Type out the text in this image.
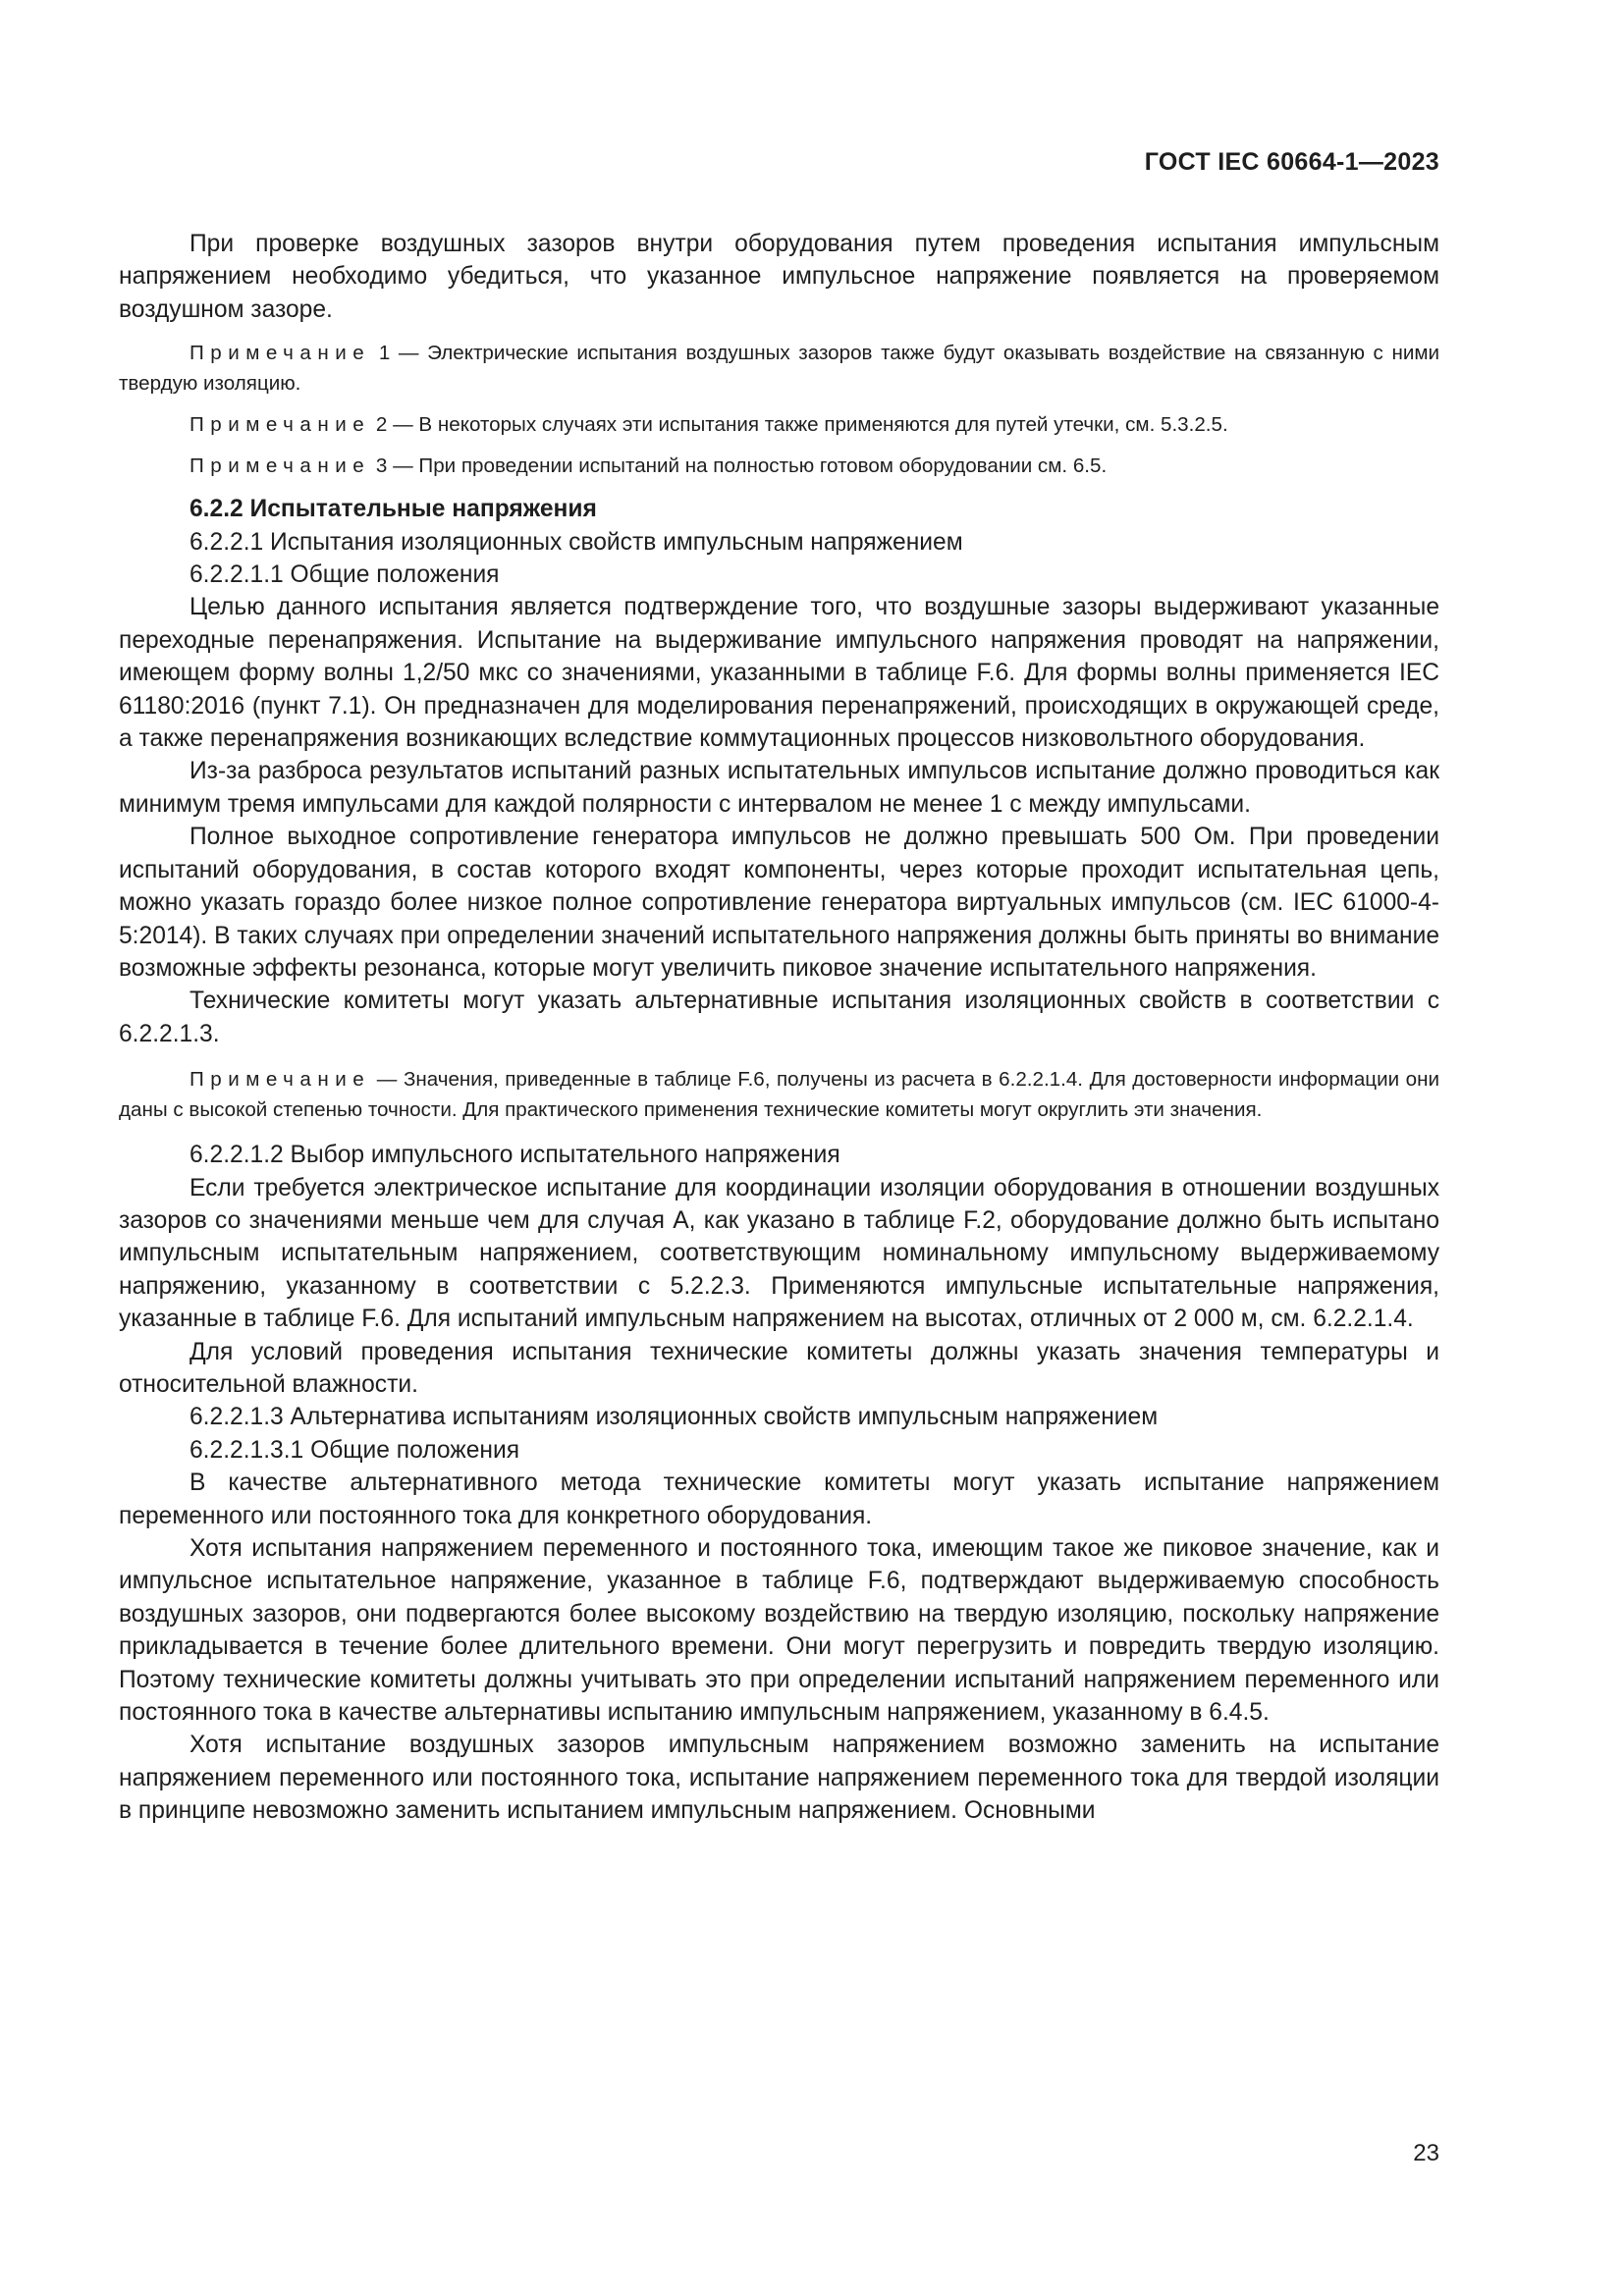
ГОСТ IEC 60664-1—2023

При проверке воздушных зазоров внутри оборудования путем проведения испытания импульсным напряжением необходимо убедиться, что указанное импульсное напряжение появляется на проверяемом воздушном зазоре.

Примечание 1 — Электрические испытания воздушных зазоров также будут оказывать воздействие на связанную с ними твердую изоляцию.

Примечание 2 — В некоторых случаях эти испытания также применяются для путей утечки, см. 5.3.2.5.

Примечание 3 — При проведении испытаний на полностью готовом оборудовании см. 6.5.

6.2.2 Испытательные напряжения

6.2.2.1 Испытания изоляционных свойств импульсным напряжением

6.2.2.1.1 Общие положения

Целью данного испытания является подтверждение того, что воздушные зазоры выдерживают указанные переходные перенапряжения. Испытание на выдерживание импульсного напряжения проводят на напряжении, имеющем форму волны 1,2/50 мкс со значениями, указанными в таблице F.6. Для формы волны применяется IEC 61180:2016 (пункт 7.1). Он предназначен для моделирования перенапряжений, происходящих в окружающей среде, а также перенапряжения возникающих вследствие коммутационных процессов низковольтного оборудования.

Из-за разброса результатов испытаний разных испытательных импульсов испытание должно проводиться как минимум тремя импульсами для каждой полярности с интервалом не менее 1 с между импульсами.

Полное выходное сопротивление генератора импульсов не должно превышать 500 Ом. При проведении испытаний оборудования, в состав которого входят компоненты, через которые проходит испытательная цепь, можно указать гораздо более низкое полное сопротивление генератора виртуальных импульсов (см. IEC 61000-4-5:2014). В таких случаях при определении значений испытательного напряжения должны быть приняты во внимание возможные эффекты резонанса, которые могут увеличить пиковое значение испытательного напряжения.

Технические комитеты могут указать альтернативные испытания изоляционных свойств в соответствии с 6.2.2.1.3.

Примечание — Значения, приведенные в таблице F.6, получены из расчета в 6.2.2.1.4. Для достоверности информации они даны с высокой степенью точности. Для практического применения технические комитеты могут округлить эти значения.

6.2.2.1.2 Выбор импульсного испытательного напряжения

Если требуется электрическое испытание для координации изоляции оборудования в отношении воздушных зазоров со значениями меньше чем для случая А, как указано в таблице F.2, оборудование должно быть испытано импульсным испытательным напряжением, соответствующим номинальному импульсному выдерживаемому напряжению, указанному в соответствии с 5.2.2.3. Применяются импульсные испытательные напряжения, указанные в таблице F.6. Для испытаний импульсным напряжением на высотах, отличных от 2 000 м, см. 6.2.2.1.4.

Для условий проведения испытания технические комитеты должны указать значения температуры и относительной влажности.

6.2.2.1.3 Альтернатива испытаниям изоляционных свойств импульсным напряжением

6.2.2.1.3.1 Общие положения

В качестве альтернативного метода технические комитеты могут указать испытание напряжением переменного или постоянного тока для конкретного оборудования.

Хотя испытания напряжением переменного и постоянного тока, имеющим такое же пиковое значение, как и импульсное испытательное напряжение, указанное в таблице F.6, подтверждают выдерживаемую способность воздушных зазоров, они подвергаются более высокому воздействию на твердую изоляцию, поскольку напряжение прикладывается в течение более длительного времени. Они могут перегрузить и повредить твердую изоляцию. Поэтому технические комитеты должны учитывать это при определении испытаний напряжением переменного или постоянного тока в качестве альтернативы испытанию импульсным напряжением, указанному в 6.4.5.

Хотя испытание воздушных зазоров импульсным напряжением возможно заменить на испытание напряжением переменного или постоянного тока, испытание напряжением переменного тока для твердой изоляции в принципе невозможно заменить испытанием импульсным напряжением. Основными

23
